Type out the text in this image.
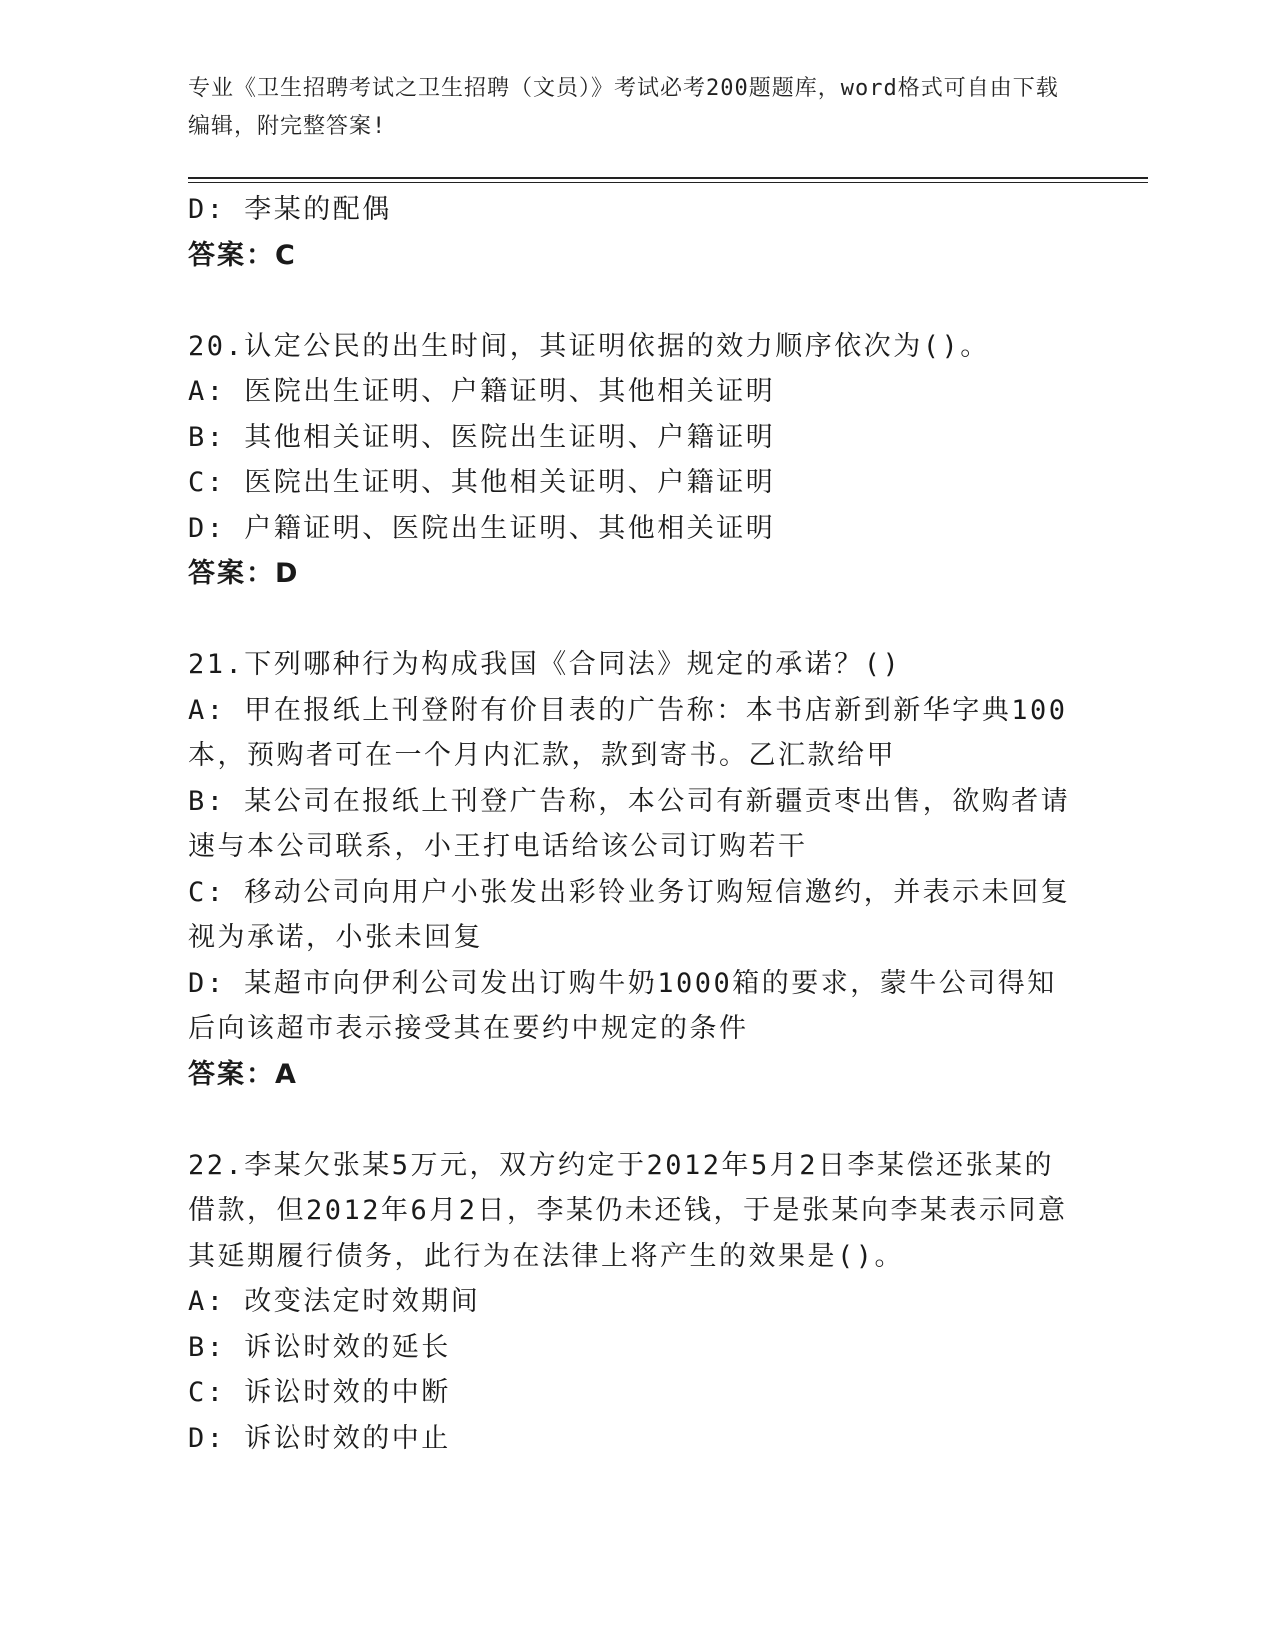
专业《卫生招聘考试之卫生招聘（文员）》考试必考200题题库，word格式可自由下载编辑，附完整答案!
D: 李某的配偶
答案：C
20.认定公民的出生时间，其证明依据的效力顺序依次为()。
A: 医院出生证明、户籍证明、其他相关证明
B: 其他相关证明、医院出生证明、户籍证明
C: 医院出生证明、其他相关证明、户籍证明
D: 户籍证明、医院出生证明、其他相关证明
答案：D
21.下列哪种行为构成我国《合同法》规定的承诺？()
A: 甲在报纸上刊登附有价目表的广告称：本书店新到新华字典100本，预购者可在一个月内汇款，款到寄书。乙汇款给甲
B: 某公司在报纸上刊登广告称，本公司有新疆贡枣出售，欲购者请速与本公司联系，小王打电话给该公司订购若干
C: 移动公司向用户小张发出彩铃业务订购短信邀约，并表示未回复视为承诺，小张未回复
D: 某超市向伊利公司发出订购牛奶1000箱的要求，蒙牛公司得知后向该超市表示接受其在要约中规定的条件
答案：A
22.李某欠张某5万元，双方约定于2012年5月2日李某偿还张某的借款，但2012年6月2日，李某仍未还钱，于是张某向李某表示同意其延期履行债务，此行为在法律上将产生的效果是()。
A: 改变法定时效期间
B: 诉讼时效的延长
C: 诉讼时效的中断
D: 诉讼时效的中止
